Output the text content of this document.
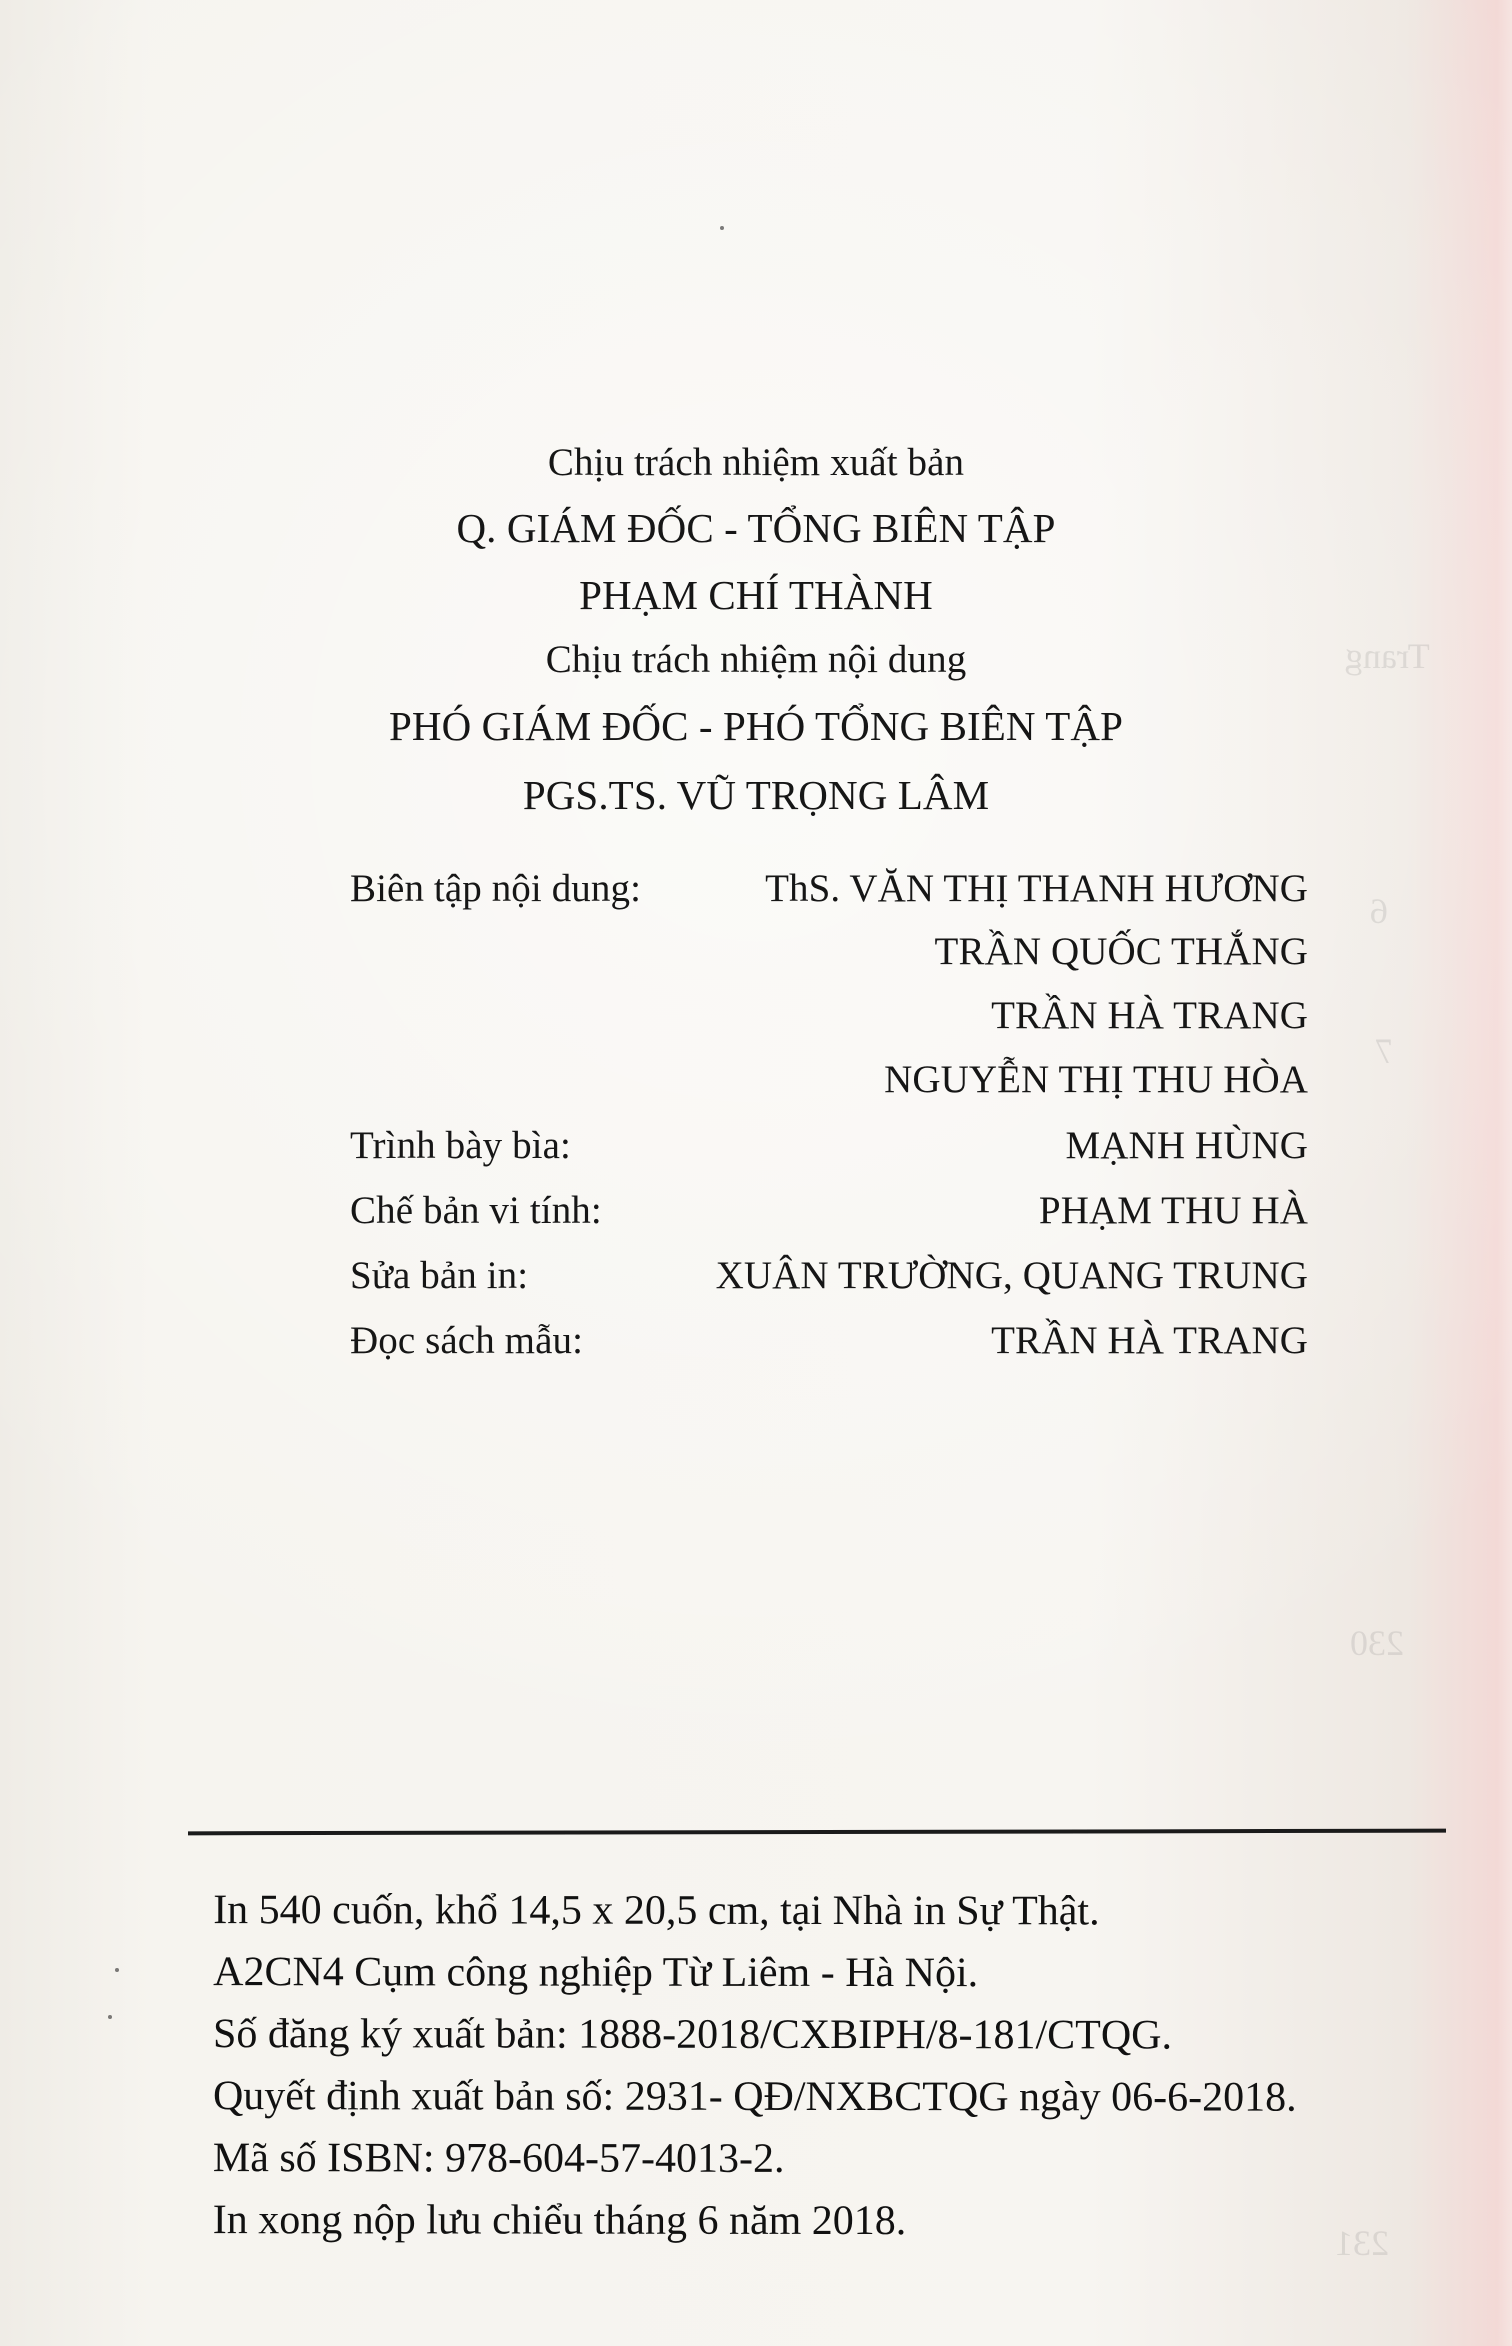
Trang
6
7
230
231
Chịu trách nhiệm xuất bản
Q. GIÁM ĐỐC - TỔNG BIÊN TẬP
PHẠM CHÍ THÀNH
Chịu trách nhiệm nội dung
PHÓ GIÁM ĐỐC - PHÓ TỔNG BIÊN TẬP
PGS.TS. VŨ TRỌNG LÂM
Biên tập nội dung:	ThS. VĂN THỊ THANH HƯƠNG
TRẦN QUỐC THẮNG
TRẦN HÀ TRANG
NGUYỄN THỊ THU HÒA
Trình bày bìa:	MẠNH HÙNG
Chế bản vi tính:	PHẠM THU HÀ
Sửa bản in:	XUÂN TRƯỜNG, QUANG TRUNG
Đọc sách mẫu:	TRẦN HÀ TRANG
In 540 cuốn, khổ 14,5 x 20,5 cm, tại Nhà in Sự Thật.
A2CN4 Cụm công nghiệp Từ Liêm - Hà Nội.
Số đăng ký xuất bản: 1888-2018/CXBIPH/8-181/CTQG.
Quyết định xuất bản số: 2931- QĐ/NXBCTQG ngày 06-6-2018.
Mã số ISBN: 978-604-57-4013-2.
In xong nộp lưu chiểu tháng 6 năm 2018.
